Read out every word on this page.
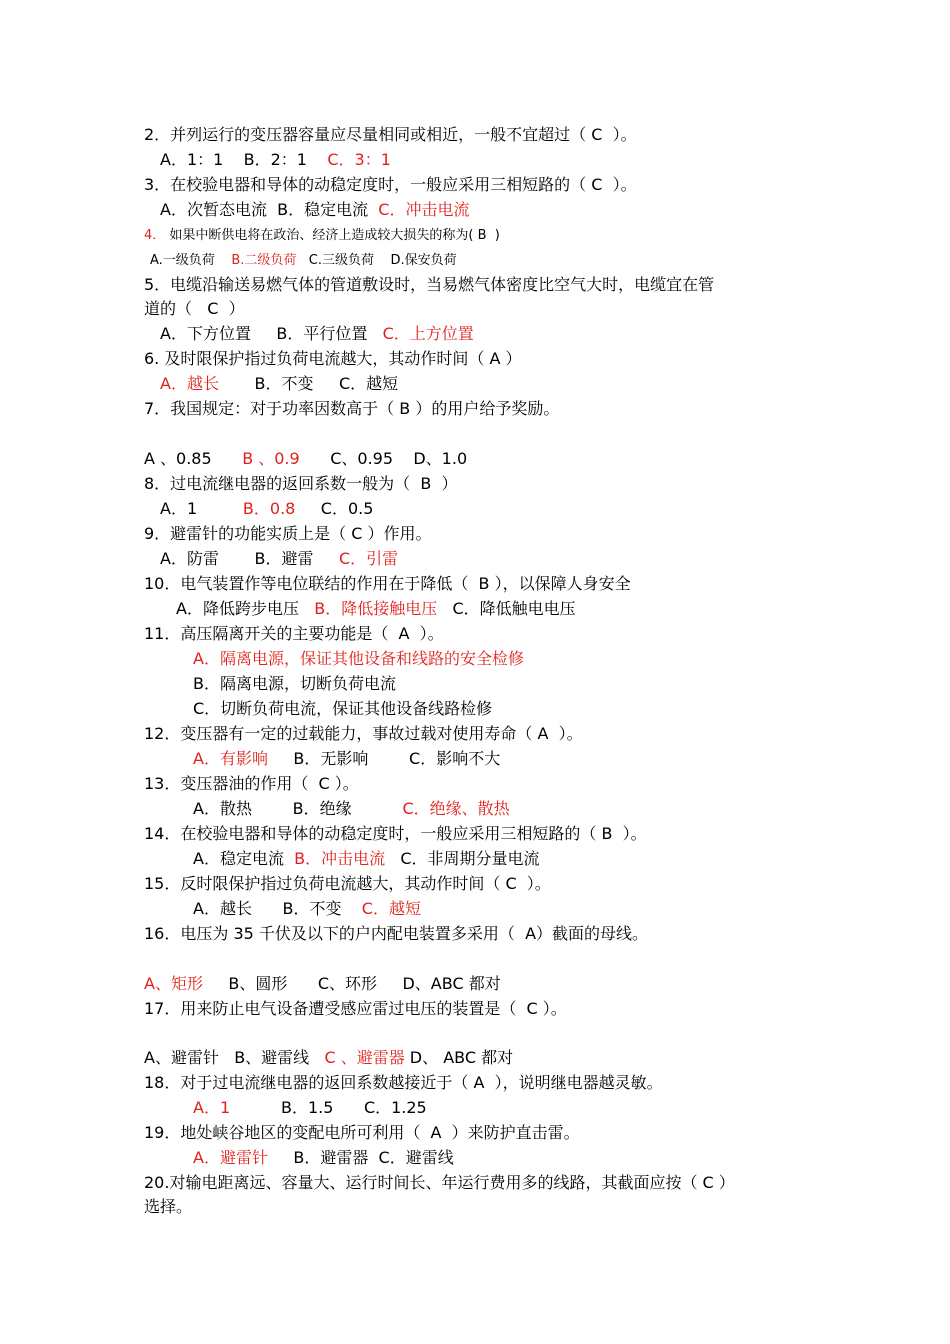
2．并列运行的变压器容量应尽量相同或相近，一般不宜超过（ C  ）。
A．1：1    B．2：1    C．3：1
3．在校验电器和导体的动稳定度时，一般应采用三相短路的（ C  ）。
A．次暂态电流  B．稳定电流  C．冲击电流
4． 如果中断供电将在政治、经济上造成较大损失的称为( B  )
A.一级负荷    B.二级负荷   C.三级负荷    D.保安负荷
5．电缆沿输送易燃气体的管道敷设时，当易燃气体密度比空气大时，电缆宜在管
道的（   C  ）
A．下方位置     B．平行位置   C．上方位置
6. 及时限保护指过负荷电流越大，其动作时间（ A ）
A．越长       B．不变     C．越短
7．我国规定：对于功率因数高于（ B ）的用户给予奖励。
A 、0.85      B 、0.9      C、0.95    D、1.0
8．过电流继电器的返回系数一般为（  B  ）
A．1         B．0.8     C．0.5
9．避雷针的功能实质上是（ C ）作用。
A．防雷       B．避雷     C．引雷
10．电气装置作等电位联结的作用在于降低（  B ），以保障人身安全
A．降低跨步电压   B．降低接触电压   C．降低触电电压
11．高压隔离开关的主要功能是（  A  ）。
A．隔离电源，保证其他设备和线路的安全检修
B．隔离电源，切断负荷电流
C．切断负荷电流，保证其他设备线路检修
12．变压器有一定的过载能力，事故过载对使用寿命（ A  ）。
A．有影响     B．无影响        C．影响不大
13．变压器油的作用（  C ）。
A．散热        B．绝缘          C．绝缘、散热
14．在校验电器和导体的动稳定度时，一般应采用三相短路的（ B  ）。
A．稳定电流  B．冲击电流   C．非周期分量电流
15．反时限保护指过负荷电流越大，其动作时间（ C  ）。
A．越长      B．不变    C．越短
16．电压为 35 千伏及以下的户内配电装置多采用（  A）截面的母线。
A、矩形     B、圆形      C、环形     D、ABC 都对
17．用来防止电气设备遭受感应雷过电压的装置是（  C ）。
A、避雷针   B、避雷线   C 、避雷器 D、 ABC 都对
18．对于过电流继电器的返回系数越接近于（ A  ），说明继电器越灵敏。
A．1          B．1.5      C．1.25
19．地处峡谷地区的变配电所可利用（  A  ）来防护直击雷。
A．避雷针     B．避雷器  C．避雷线
20.对输电距离远、容量大、运行时间长、年运行费用多的线路，其截面应按（ C ）
选择。
